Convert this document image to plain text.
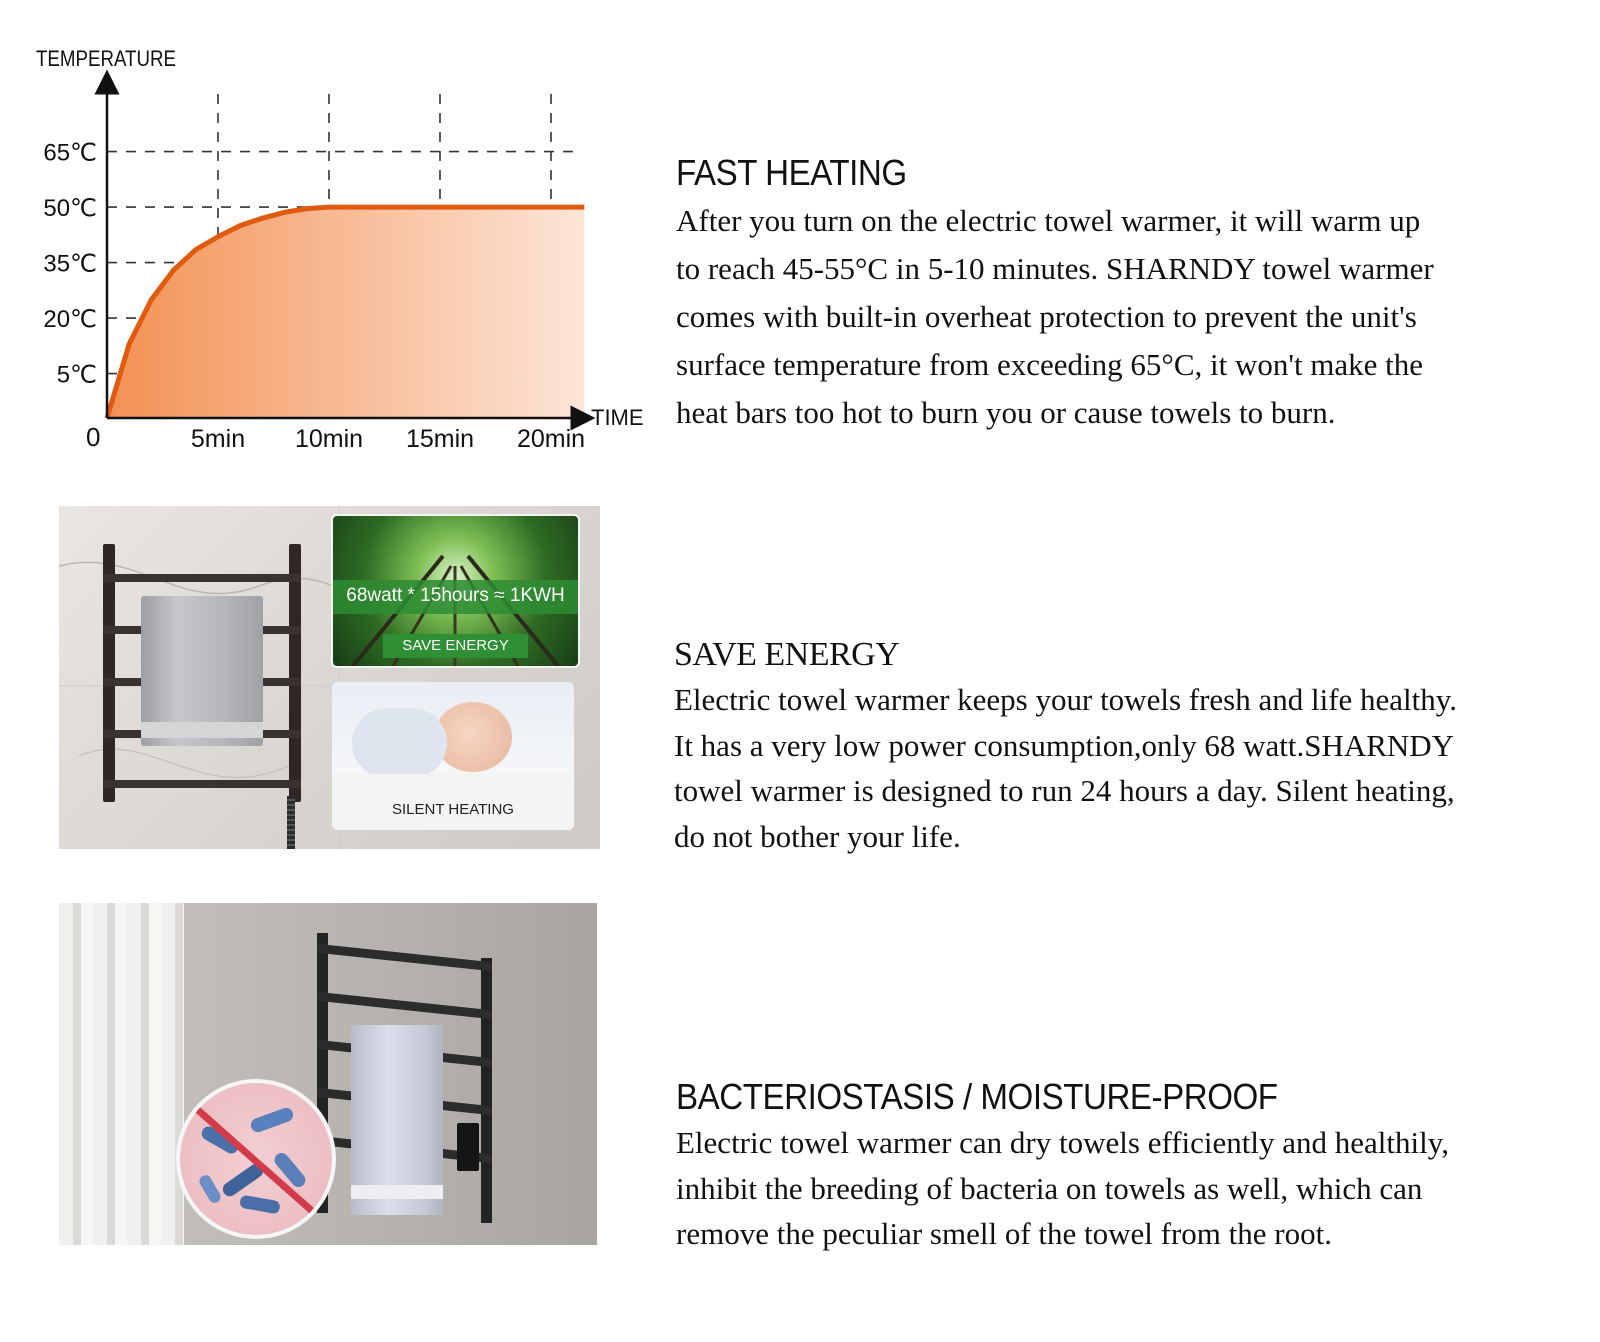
TEMPERATURE
TIME
0
5℃
20℃
35℃
50℃
65℃
5min 10min 15min 20min
FAST HEATING
After you turn on the electric towel warmer, it will warm up
to reach 45-55°C in 5-10 minutes. SHARNDY towel warmer
comes with built-in overheat protection to prevent the unit's
surface temperature from exceeding 65°C, it won't make the
heat bars too hot to burn you or cause towels to burn.
68watt * 15hours ≈ 1KWH
SAVE ENERGY
SILENT HEATING
SAVE ENERGY
Electric towel warmer keeps your towels fresh and life healthy.
It has a very low power consumption,only 68 watt.SHARNDY
towel warmer is designed to run 24 hours a day. Silent heating,
do not bother your life.
BACTERIOSTASIS / MOISTURE-PROOF
Electric towel warmer can dry towels efficiently and healthily,
inhibit the breeding of bacteria on towels as well, which can
remove the peculiar smell of the towel from the root.
